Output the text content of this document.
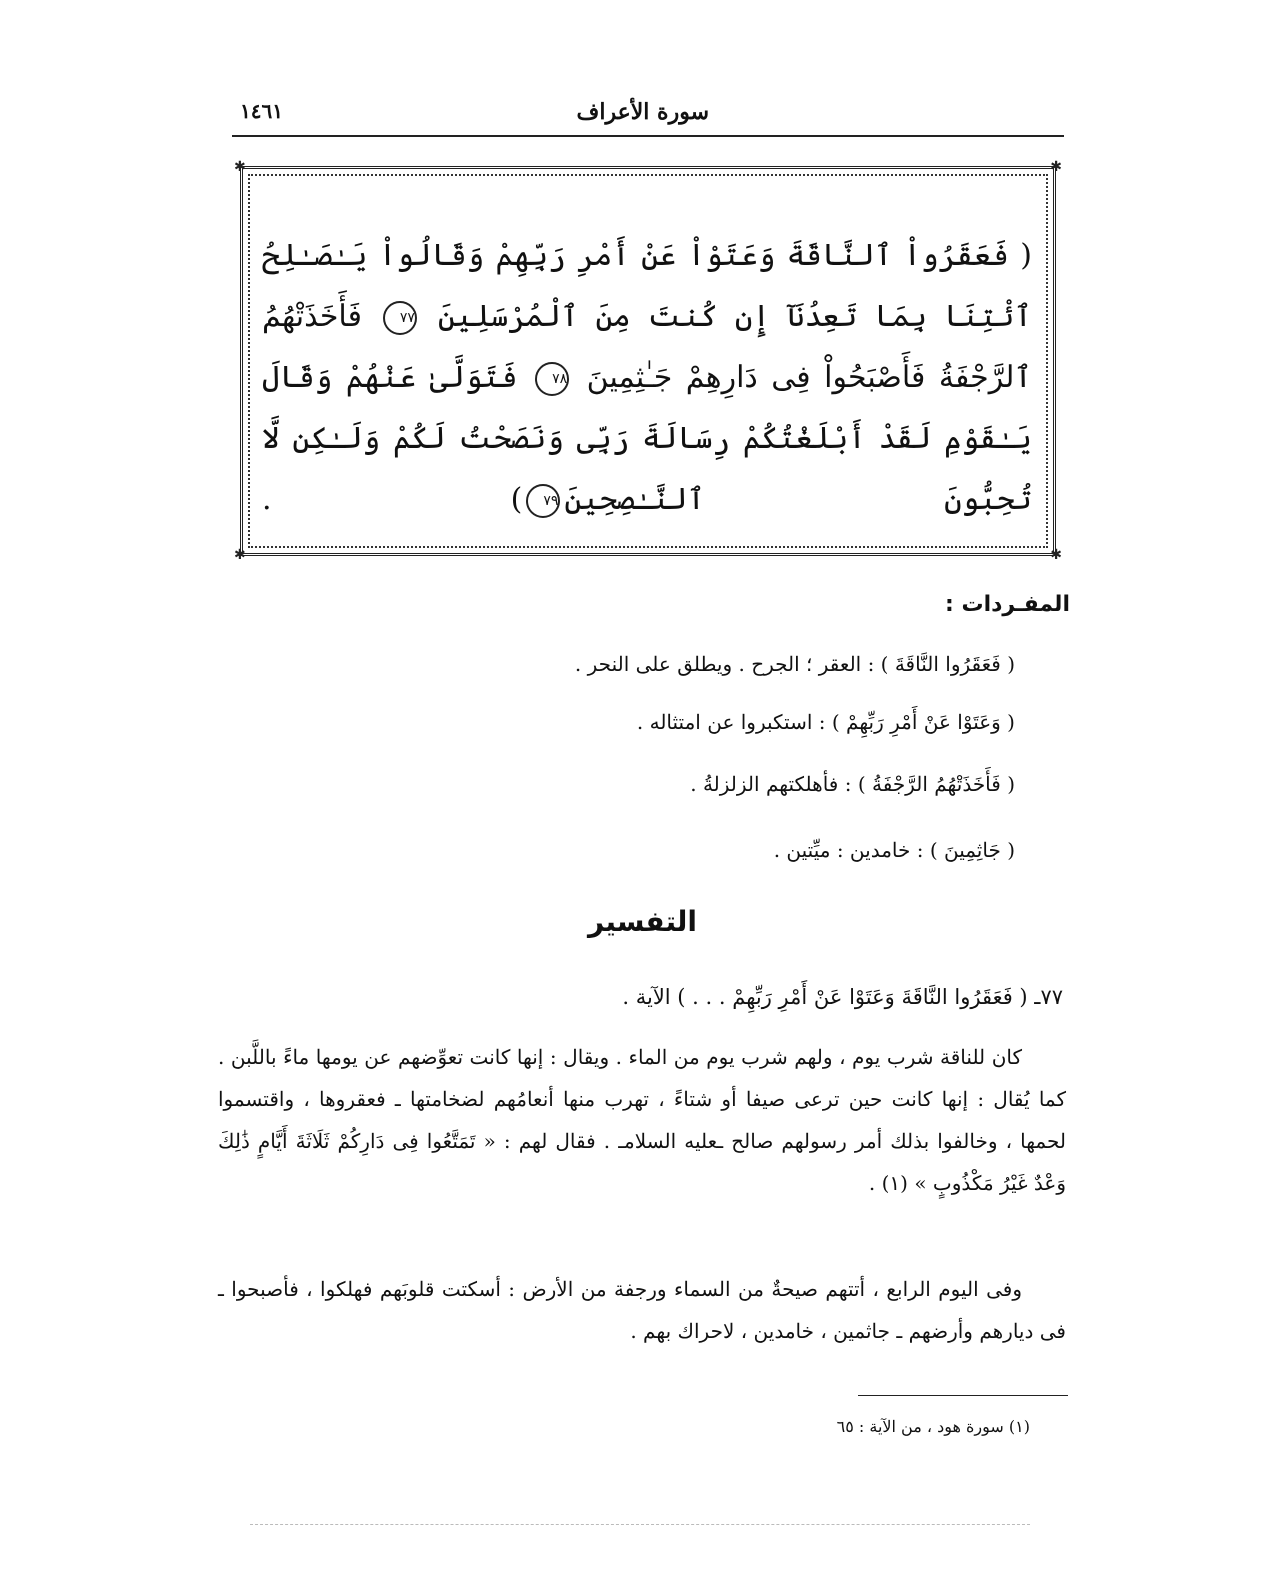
سورة الأعراف
١٤٦١
✱	✱
✱	✱
( فَعَقَرُواْ ٱلنَّاقَةَ وَعَتَوْاْ عَنْ أَمْرِ رَبِّهِمْ وَقَالُواْ يَـٰصَـٰلِحُ ٱئْتِنَا بِمَا تَعِدُنَآ إِن كُنتَ مِنَ ٱلْمُرْسَلِينَ ٧٧ فَأَخَذَتْهُمُ ٱلرَّجْفَةُ فَأَصْبَحُواْ فِى دَارِهِمْ جَـٰثِمِينَ ٧٨ فَتَوَلَّىٰ عَنْهُمْ وَقَالَ يَـٰقَوْمِ لَقَدْ أَبْلَغْتُكُمْ رِسَالَةَ رَبِّى وَنَصَحْتُ لَكُمْ وَلَـٰكِن لَّا تُحِبُّونَ ٱلنَّـٰصِحِينَ٧٩) .
المفـردات :
( فَعَقَرُوا النَّاقَةَ ) : العقر ؛ الجرح . ويطلق على النحر .
( وَعَتَوْا عَنْ أَمْرِ رَبِّهِمْ ) : استكبروا عن امتثاله .
( فَأَخَذَتْهُمُ الرَّجْفَةُ ) : فأهلكتهم الزلزلةُ .
( جَاثِمِينَ ) : خامدين : ميِّتين .
التفسير
٧٧ـ ( فَعَقَرُوا النَّاقَةَ وَعَتَوْا عَنْ أَمْرِ رَبِّهِمْ . . . ) الآية .
كان للناقة شرب يوم ، ولهم شرب يوم من الماء . ويقال : إنها كانت تعوِّضهم عن يومها ماءً باللَّبن . كما يُقال : إنها كانت حين ترعى صيفا أو شتاءً ، تهرب منها أنعامُهم لضخامتها ـ فعقروها ، واقتسموا لحمها ، وخالفوا بذلك أمر رسولهم صالح ـعليه السلامـ . فقال لهم : « تَمَتَّعُوا فِى دَارِكُمْ ثَلَاثَةَ أَيَّامٍ ذَٰلِكَ وَعْدٌ غَيْرُ مَكْذُوبٍ » (١) .
وفى اليوم الرابع ، أتتهم صيحةٌ من السماء ورجفة من الأرض : أسكتت قلوبَهم فهلكوا ، فأصبحوا ـ فى ديارهم وأرضهم ـ جاثمين ، خامدين ، لاحراك بهم .
(١) سورة هود ، من الآية : ٦٥
